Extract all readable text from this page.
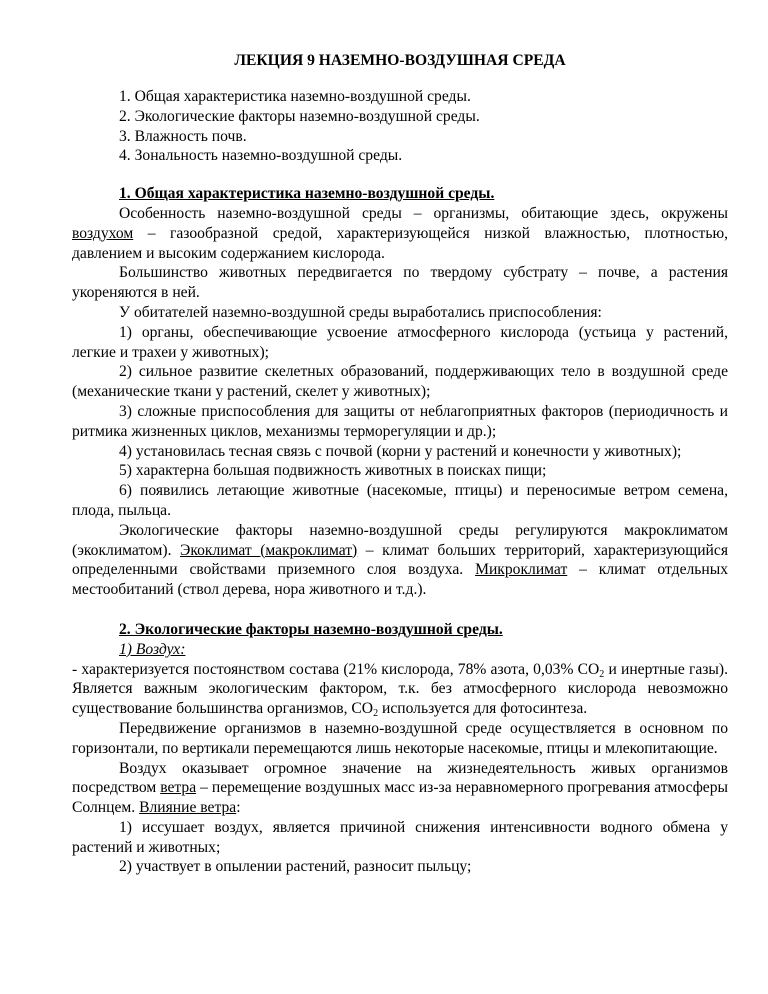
ЛЕКЦИЯ 9 НАЗЕМНО-ВОЗДУШНАЯ СРЕДА
1. Общая характеристика наземно-воздушной среды.
2. Экологические факторы наземно-воздушной среды.
3. Влажность почв.
4. Зональность наземно-воздушной среды.
1. Общая характеристика наземно-воздушной среды.
Особенность наземно-воздушной среды – организмы, обитающие здесь, окружены воздухом – газообразной средой, характеризующейся низкой влажностью, плотностью, давлением и высоким содержанием кислорода.
Большинство животных передвигается по твердому субстрату – почве, а растения укореняются в ней.
У обитателей наземно-воздушной среды выработались приспособления:
1) органы, обеспечивающие усвоение атмосферного кислорода (устьица у растений, легкие и трахеи у животных);
2) сильное развитие скелетных образований, поддерживающих тело в воздушной среде (механические ткани у растений, скелет у животных);
3) сложные приспособления для защиты от неблагоприятных факторов (периодичность и ритмика жизненных циклов, механизмы терморегуляции и др.);
4) установилась тесная связь с почвой (корни у растений и конечности у животных);
5) характерна большая подвижность животных в поисках пищи;
6) появились летающие животные (насекомые, птицы) и переносимые ветром семена, плода, пыльца.
Экологические факторы наземно-воздушной среды регулируются макроклиматом (экоклиматом). Экоклимат (макроклимат) – климат больших территорий, характеризующийся определенными свойствами приземного слоя воздуха. Микроклимат – климат отдельных местообитаний (ствол дерева, нора животного и т.д.).
2. Экологические факторы наземно-воздушной среды.
1) Воздух:
- характеризуется постоянством состава (21% кислорода, 78% азота, 0,03% $CO_2$ и инертные газы). Является важным экологическим фактором, т.к. без атмосферного кислорода невозможно существование большинства организмов, $CO_2$ используется для фотосинтеза.
Передвижение организмов в наземно-воздушной среде осуществляется в основном по горизонтали, по вертикали перемещаются лишь некоторые насекомые, птицы и млекопитающие.
Воздух оказывает огромное значение на жизнедеятельность живых организмов посредством ветра – перемещение воздушных масс из-за неравномерного прогревания атмосферы Солнцем. Влияние ветра:
1) иссушает воздух, является причиной снижения интенсивности водного обмена у растений и животных;
2) участвует в опылении растений, разносит пыльцу;
